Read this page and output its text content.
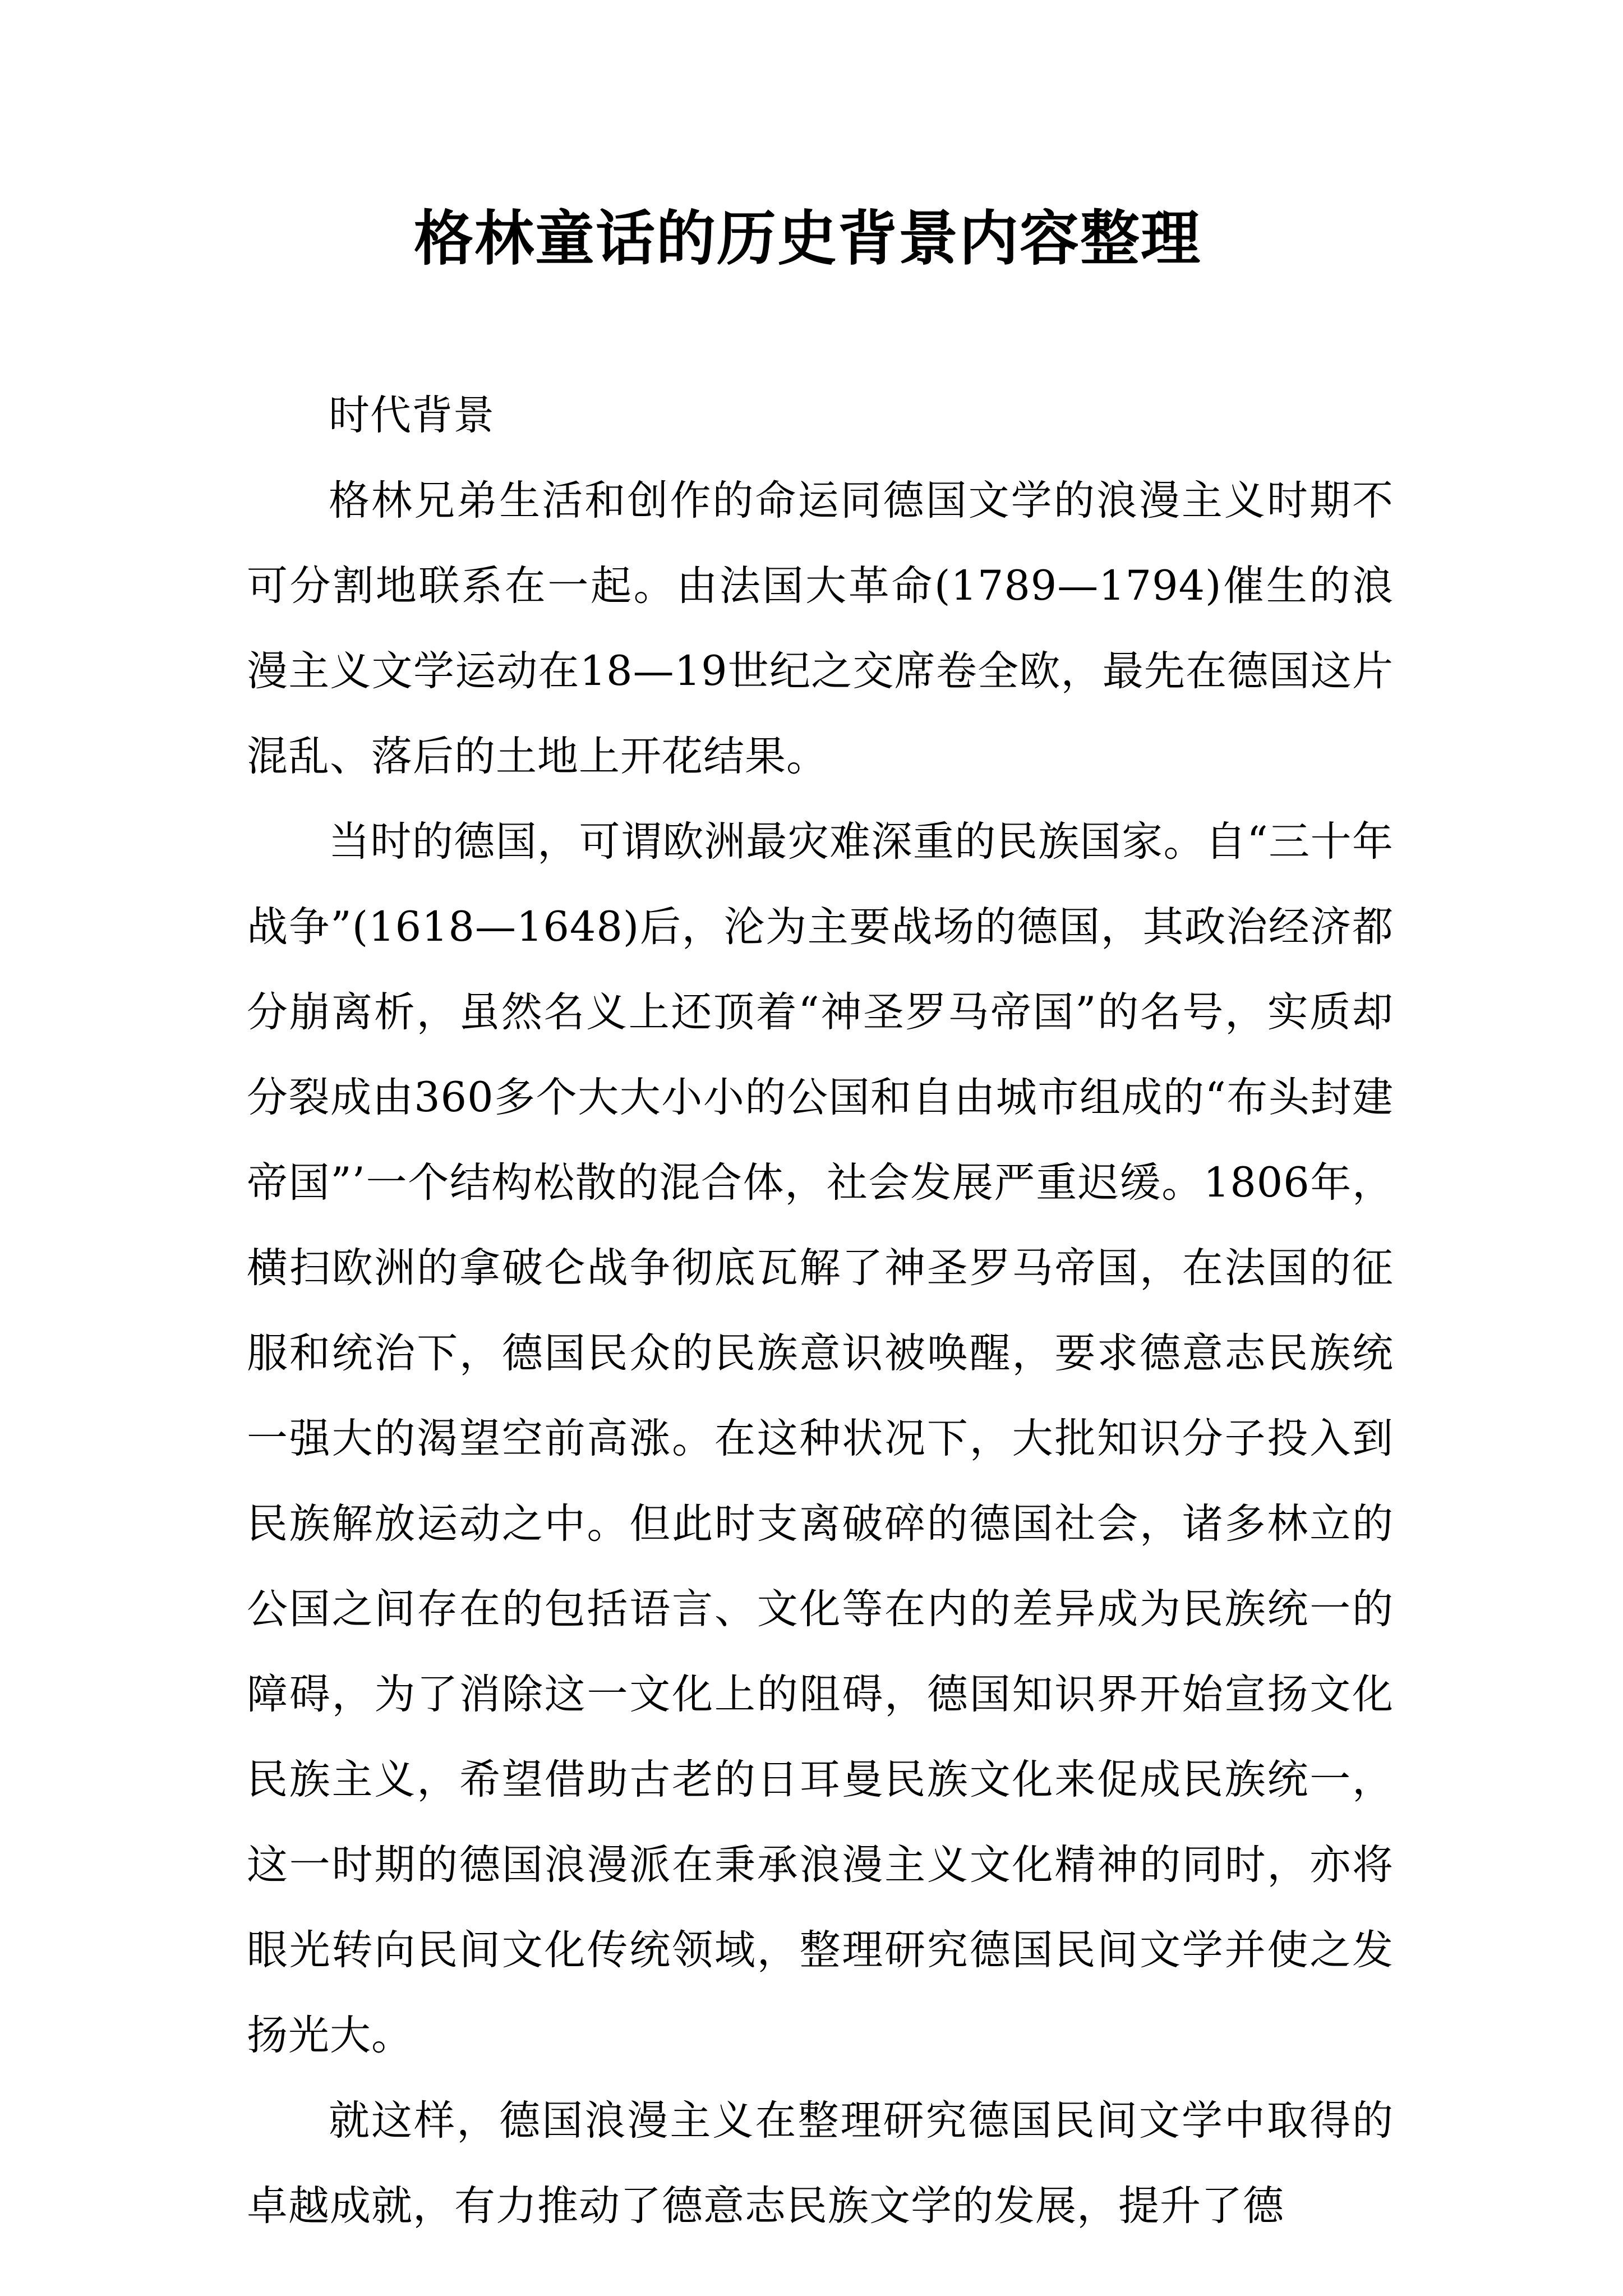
格林童话的历史背景内容整理

时代背景

格林兄弟生活和创作的命运同德国文学的浪漫主义时期不可分割地联系在一起。由法国大革命(1789—1794)催生的浪漫主义文学运动在18—19世纪之交席卷全欧，最先在德国这片混乱、落后的土地上开花结果。

当时的德国，可谓欧洲最灾难深重的民族国家。自“三十年战争”(1618—1648)后，沦为主要战场的德国，其政治经济都分崩离析，虽然名义上还顶着“神圣罗马帝国”的名号，实质却分裂成由360多个大大小小的公国和自由城市组成的“布头封建帝国”’一个结构松散的混合体，社会发展严重迟缓。1806年，横扫欧洲的拿破仑战争彻底瓦解了神圣罗马帝国，在法国的征服和统治下，德国民众的民族意识被唤醒，要求德意志民族统一强大的渴望空前高涨。在这种状况下，大批知识分子投入到民族解放运动之中。但此时支离破碎的德国社会，诸多林立的公国之间存在的包括语言、文化等在内的差异成为民族统一的障碍，为了消除这一文化上的阻碍，德国知识界开始宣扬文化民族主义，希望借助古老的日耳曼民族文化来促成民族统一，这一时期的德国浪漫派在秉承浪漫主义文化精神的同时，亦将眼光转向民间文化传统领域，整理研究德国民间文学并使之发扬光大。

就这样，德国浪漫主义在整理研究德国民间文学中取得的卓越成就，有力推动了德意志民族文学的发展，提升了德
